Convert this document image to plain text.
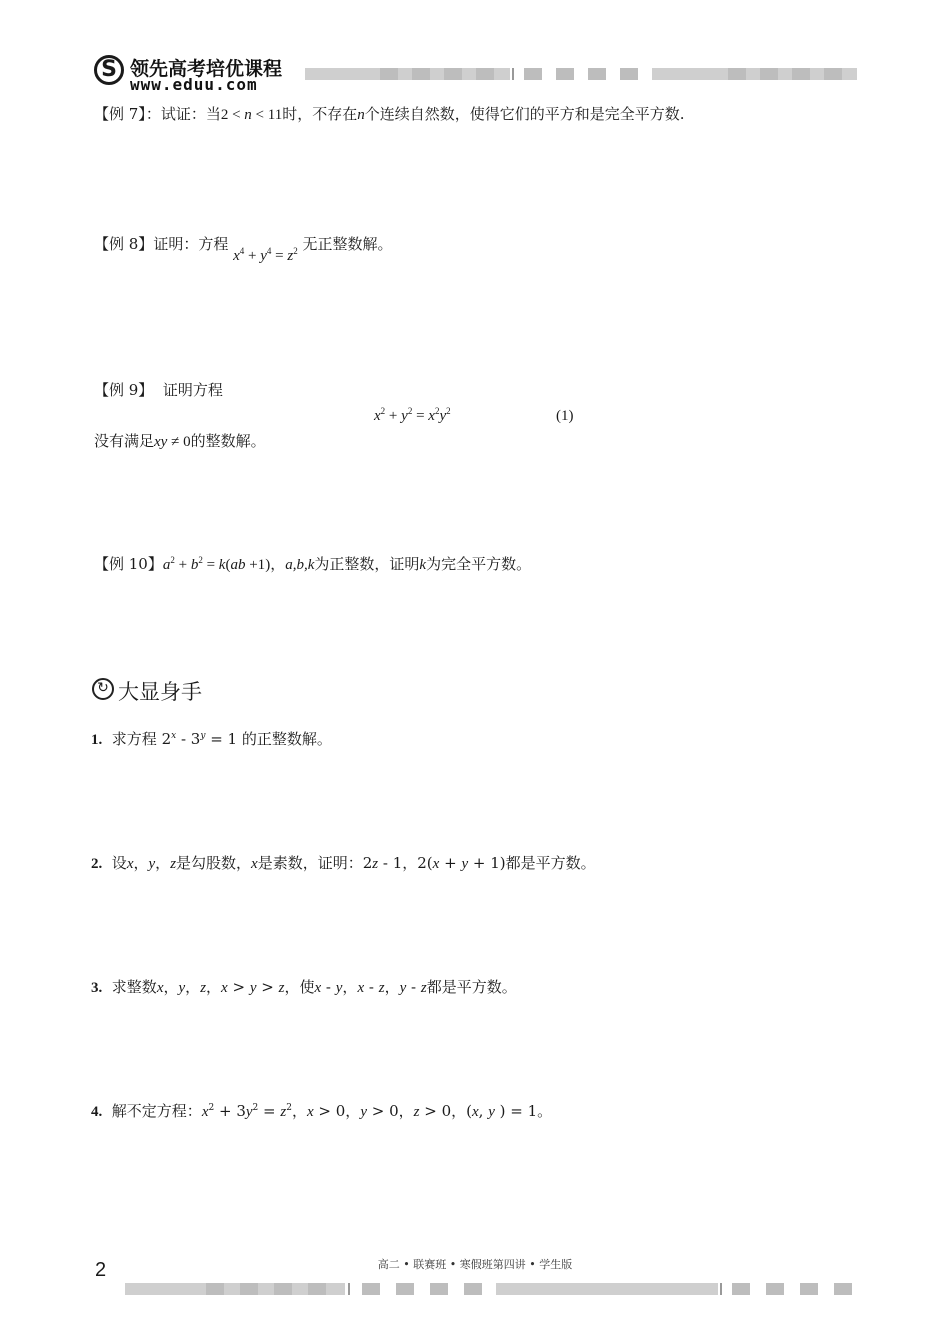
S 领先高考培优课程
www.eduu.com
【例 7】：试证：当2 < n < 11时，不存在n个连续自然数，使得它们的平方和是完全平方数.
【例 8】证明：方程 $x^4 + y^4 = z^2$ 无正整数解。
【例 9】 证明方程
$x^2 + y^2 = x^2y^2$	(1)
没有满足xy ≠ 0的整数解。
【例 10】$a^2 + b^2 = k(ab +1)$，a,b,k为正整数，证明k为完全平方数。
↻ 大显身手
1. 求方程 $2^x - 3^y = 1$ 的正整数解。
2. 设x，y，z是勾股数，x是素数，证明：2z - 1，2(x + y + 1)都是平方数。
3. 求整数x，y，z，x > y > z，使x - y，x - z，y - z都是平方数。
4. 解不定方程：$x^2 + 3y^2 = z^2$，x > 0，y > 0，z > 0，(x, y ) = 1。
2	高二 • 联赛班 • 寒假班第四讲 • 学生版
